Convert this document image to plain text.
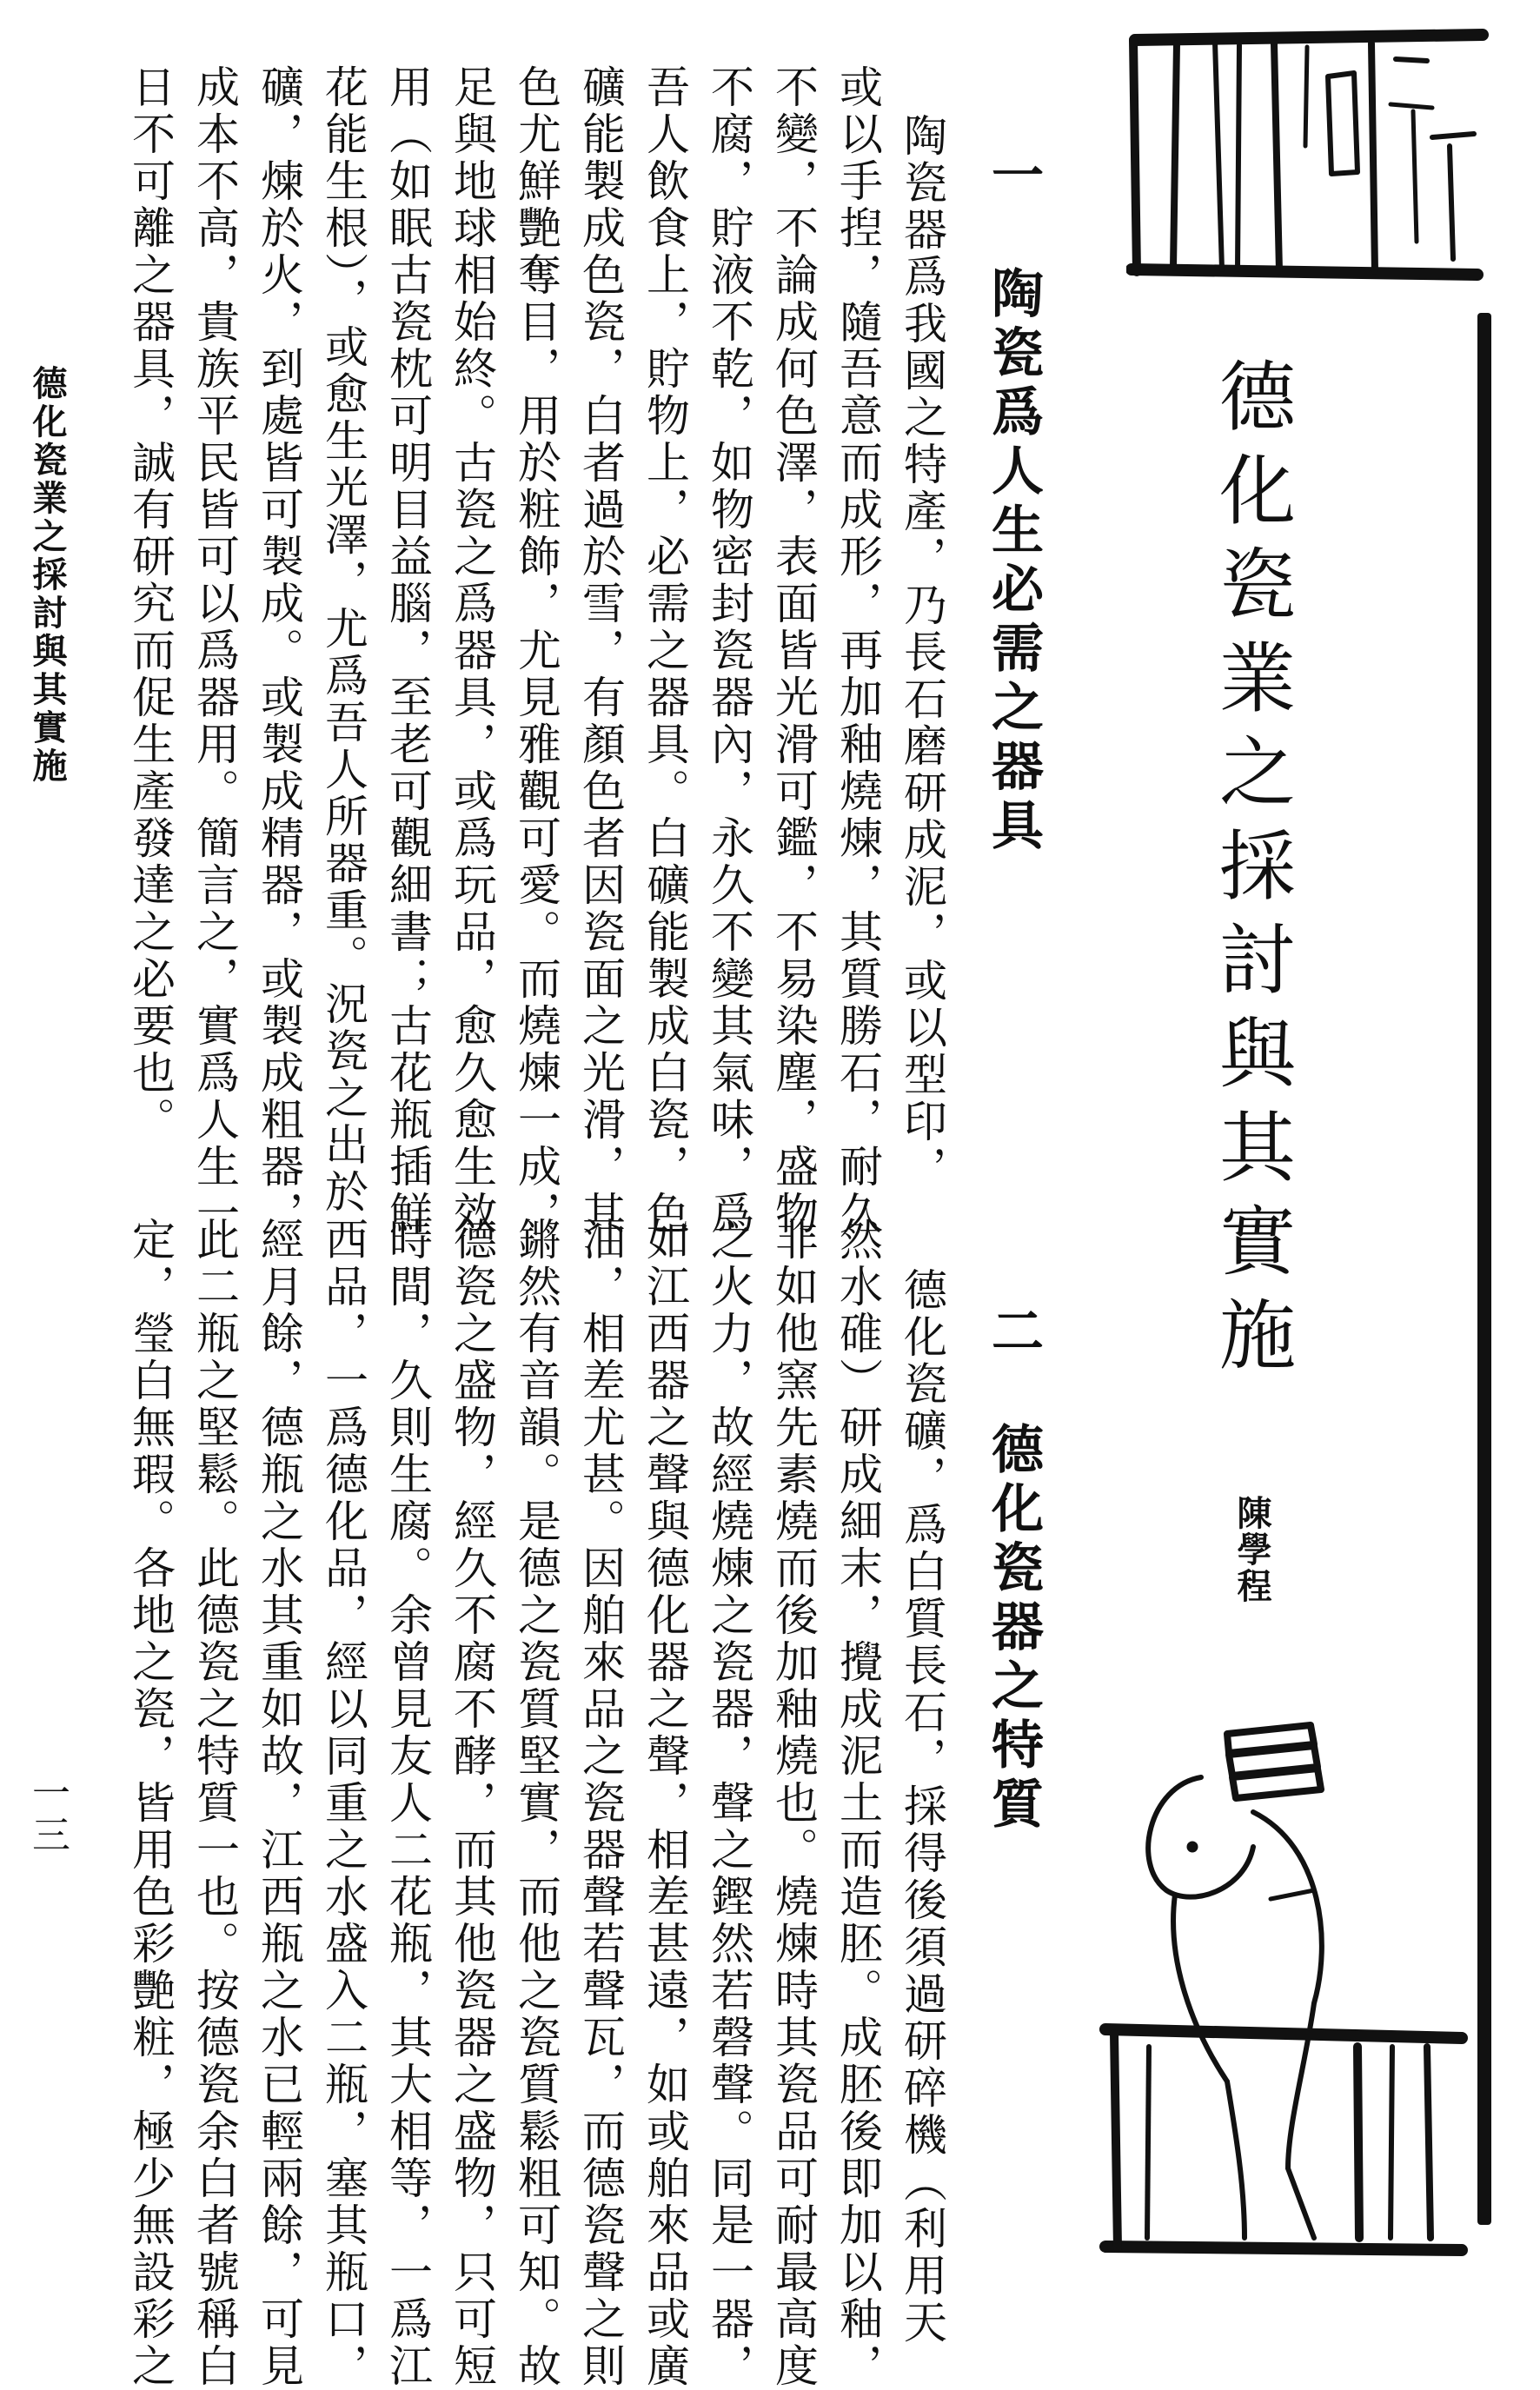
德化瓷業之採討與其實施
陳學程
一　陶瓷爲人生必需之器具
陶瓷器爲我國之特產，乃長石磨研成泥，或以型印，
或以手揑，隨吾意而成形，再加釉燒煉，其質勝石，耐久
不變，不論成何色澤，表面皆光滑可鑑，不易染塵，盛物
不腐，貯液不乾，如物密封瓷器內，永久不變其氣味，爲
吾人飲食上，貯物上，必需之器具。白礦能製成白瓷，色
礦能製成色瓷，白者過於雪，有顏色者因瓷面之光滑，其
色尤鮮艷奪目，用於粧飾，尤見雅觀可愛。而燒煉一成，
足與地球相始終。古瓷之爲器具，或爲玩品，愈久愈生效
用（如眠古瓷枕可明目益腦，至老可觀細書；古花瓶插鮮
花能生根），或愈生光澤，尤爲吾人所器重。況瓷之出於
礦，煉於火，到處皆可製成。或製成精器，或製成粗器，
成本不高，貴族平民皆可以爲器用。簡言之，實爲人生一
日不可離之器具，誠有研究而促生產發達之必要也。
二　德化瓷器之特質
德化瓷礦，爲白質長石，採得後須過研碎機（利用天
然水碓）研成細末，攪成泥土而造胚。成胚後即加以釉，
非如他窯先素燒而後加釉燒也。燒煉時其瓷品可耐最高度
之火力，故經燒煉之瓷器，聲之鏗然若磬聲。同是一器，
如江西器之聲與德化器之聲，相差甚遠，如或舶來品或廣
油，相差尤甚。因舶來品之瓷器聲若聲瓦，而德瓷聲之則
鏘然有音韻。是德之瓷質堅實，而他之瓷質鬆粗可知。故
德瓷之盛物，經久不腐不酵，而其他瓷器之盛物，只可短
時間，久則生腐。余曾見友人二花瓶，其大相等，一爲江
西品，一爲德化品，經以同重之水盛入二瓶，塞其瓶口，
經月餘，德瓶之水其重如故，江西瓶之水已輕兩餘，可見
此二瓶之堅鬆。此德瓷之特質一也。按德瓷余白者號稱白
定，瑩白無瑕。各地之瓷，皆用色彩艷粧，極少無設彩之
德化瓷業之採討與其實施
一三
